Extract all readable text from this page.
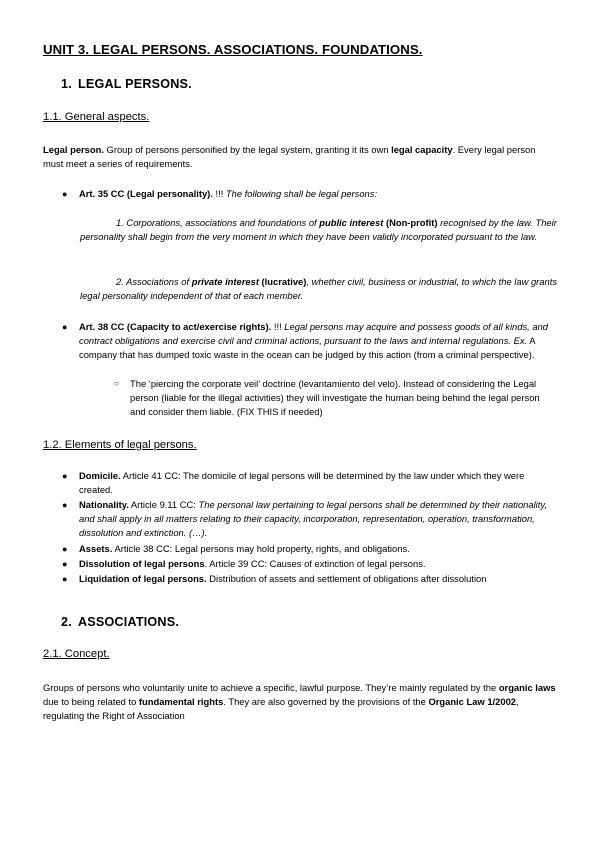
UNIT 3. LEGAL PERSONS. ASSOCIATIONS. FOUNDATIONS.
1. LEGAL PERSONS.
1.1. General aspects.
Legal person. Group of persons personified by the legal system, granting it its own legal capacity. Every legal person must meet a series of requirements.
● Art. 35 CC (Legal personality). !!! The following shall be legal persons:
1. Corporations, associations and foundations of public interest (Non-profit) recognised by the law. Their personality shall begin from the very moment in which they have been validly incorporated pursuant to the law.
2. Associations of private interest (lucrative), whether civil, business or industrial, to which the law grants legal personality independent of that of each member.
● Art. 38 CC (Capacity to act/exercise rights). !!! Legal persons may acquire and possess goods of all kinds, and contract obligations and exercise civil and criminal actions, pursuant to the laws and internal regulations. Ex. A company that has dumped toxic waste in the ocean can be judged by this action (from a criminal perspective).
○ The ‘piercing the corporate veil’ doctrine (levantamiento del velo). Instead of considering the Legal person (liable for the illegal activities) they will investigate the human being behind the legal person and consider them liable. (FIX THIS if needed)
1.2. Elements of legal persons.
● Domicile. Article 41 CC: The domicile of legal persons will be determined by the law under which they were created.
● Nationality. Article 9.11 CC: The personal law pertaining to legal persons shall be determined by their nationality, and shall apply in all matters relating to their capacity, incorporation, representation, operation, transformation, dissolution and extinction. (…).
● Assets. Article 38 CC: Legal persons may hold property, rights, and obligations.
● Dissolution of legal persons. Article 39 CC: Causes of extinction of legal persons.
● Liquidation of legal persons. Distribution of assets and settlement of obligations after dissolution
2. ASSOCIATIONS.
2.1. Concept.
Groups of persons who voluntarily unite to achieve a specific, lawful purpose. They’re mainly regulated by the organic laws due to being related to fundamental rights. They are also governed by the provisions of the Organic Law 1/2002, regulating the Right of Association
